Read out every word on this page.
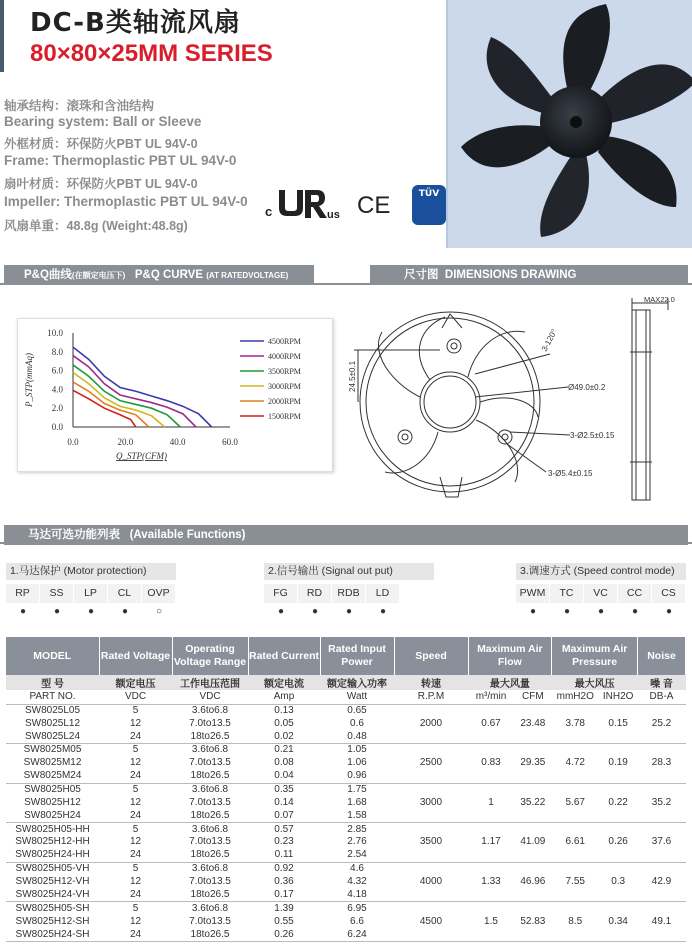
DC-B类轴流风扇
80×80×25MM SERIES
轴承结构：滚珠和含油结构
Bearing system: Ball or Sleeve
外框材质：环保防火PBT UL 94V-0
Frame: Thermoplastic PBT UL 94V-0
扇叶材质：环保防火PBT UL 94V-0
Impeller: Thermoplastic PBT UL 94V-0
风扇单重：48.8g (Weight:48.8g)
c	us CE	TÜV
P&Q曲线(在额定电压下) P&Q CURVE (AT RATEDVOLTAGE)	尺寸图 DIMENSIONS DRAWING
0.0	20.0	40.0	60.0
0.0
2.0
4.0
6.0
8.0
10.0
Q_STP(CFM)
P_STP(mmAq)
4500RPM
4000RPM
3500RPM
3000RPM
2000RPM
1500RPM
MAX22.0
3-120°
Ø49.0±0.2
3-Ø2.5±0.15
3-Ø5.4±0.15
24.5±0.1
马达可选功能列表 (Available Functions)
1.马达保护 (Motor protection)
RP
●
SS
●
LP
●
CL
●
OVP
○
2.信号输出 (Signal out put)
FG
●
RD
●
RDB
●
LD
●
3.调速方式 (Speed control mode)
PWM
●
TC
●
VC
●
CC
●
CS
●
MODEL	Rated Voltage	Operating Voltage Range	Rated Current	Rated Input Power	Speed	Maximum Air Flow		Maximum Air Pressure		Noise
型 号	额定电压	工作电压范围	额定电流	额定输入功率	转速	最大风量		最大风压		噪 音
PART NO.	VDC	VDC	Amp	Watt	R.P.M	m³/min	CFM	mmH2O	INH2O	DB-A
SW8025L05	5	3.6to6.8	0.13	0.65	2000	0.67	23.48	3.78	0.15	25.2
SW8025L12	12	7.0to13.5	0.05	0.6						
SW8025L24	24	18to26.5	0.02	0.48						
SW8025M05	5	3.6to6.8	0.21	1.05	2500	0.83	29.35	4.72	0.19	28.3
SW8025M12	12	7.0to13.5	0.08	1.06						
SW8025M24	24	18to26.5	0.04	0.96						
SW8025H05	5	3.6to6.8	0.35	1.75	3000	1	35.22	5.67	0.22	35.2
SW8025H12	12	7.0to13.5	0.14	1.68						
SW8025H24	24	18to26.5	0.07	1.58						
SW8025H05-HH	5	3.6to6.8	0.57	2.85	3500	1.17	41.09	6.61	0.26	37.6
SW8025H12-HH	12	7.0to13.5	0.23	2.76						
SW8025H24-HH	24	18to26.5	0.11	2.54						
SW8025H05-VH	5	3.6to6.8	0.92	4.6	4000	1.33	46.96	7.55	0.3	42.9
SW8025H12-VH	12	7.0to13.5	0.36	4.32						
SW8025H24-VH	24	18to26.5	0.17	4.18						
SW8025H05-SH	5	3.6to6.8	1.39	6.95	4500	1.5	52.83	8.5	0.34	49.1
SW8025H12-SH	12	7.0to13.5	0.55	6.6						
SW8025H24-SH	24	18to26.5	0.26	6.24						
